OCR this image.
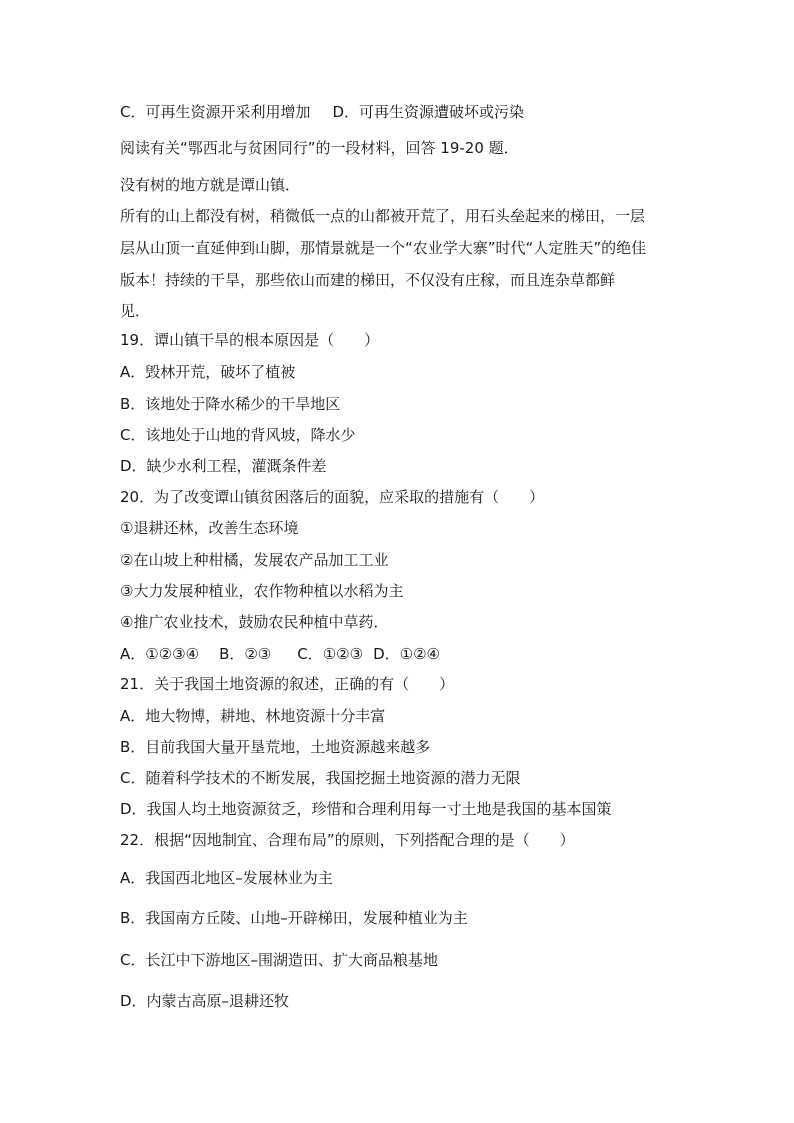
C．可再生资源开采利用增加 D．可再生资源遭破坏或污染
阅读有关“鄂西北与贫困同行”的一段材料，回答 19-20 题．
没有树的地方就是谭山镇．
所有的山上都没有树，稍微低一点的山都被开荒了，用石头垒起来的梯田，一层
层从山顶一直延伸到山脚，那情景就是一个“农业学大寨”时代“人定胜天”的绝佳
版本！持续的干旱，那些依山而建的梯田，不仅没有庄稼，而且连杂草都鲜
见．
19．谭山镇干旱的根本原因是（　　）
A．毁林开荒，破坏了植被
B．该地处于降水稀少的干旱地区
C．该地处于山地的背风坡，降水少
D．缺少水利工程，灌溉条件差
20．为了改变谭山镇贫困落后的面貌，应采取的措施有（　　）
①退耕还林，改善生态环境
②在山坡上种柑橘，发展农产品加工工业
③大力发展种植业，农作物种植以水稻为主
④推广农业技术，鼓励农民种植中草药．
A．①②③④ B．②③ C．①②③ D．①②④
21．关于我国土地资源的叙述，正确的有（　　）
A．地大物博，耕地、林地资源十分丰富
B．目前我国大量开垦荒地，土地资源越来越多
C．随着科学技术的不断发展，我国挖掘土地资源的潜力无限
D．我国人均土地资源贫乏，珍惜和合理利用每一寸土地是我国的基本国策
22．根据“因地制宜、合理布局”的原则，下列搭配合理的是（　　）
A．我国西北地区–发展林业为主
B．我国南方丘陵、山地–开辟梯田，发展种植业为主
C．长江中下游地区–围湖造田、扩大商品粮基地
D．内蒙古高原–退耕还牧
